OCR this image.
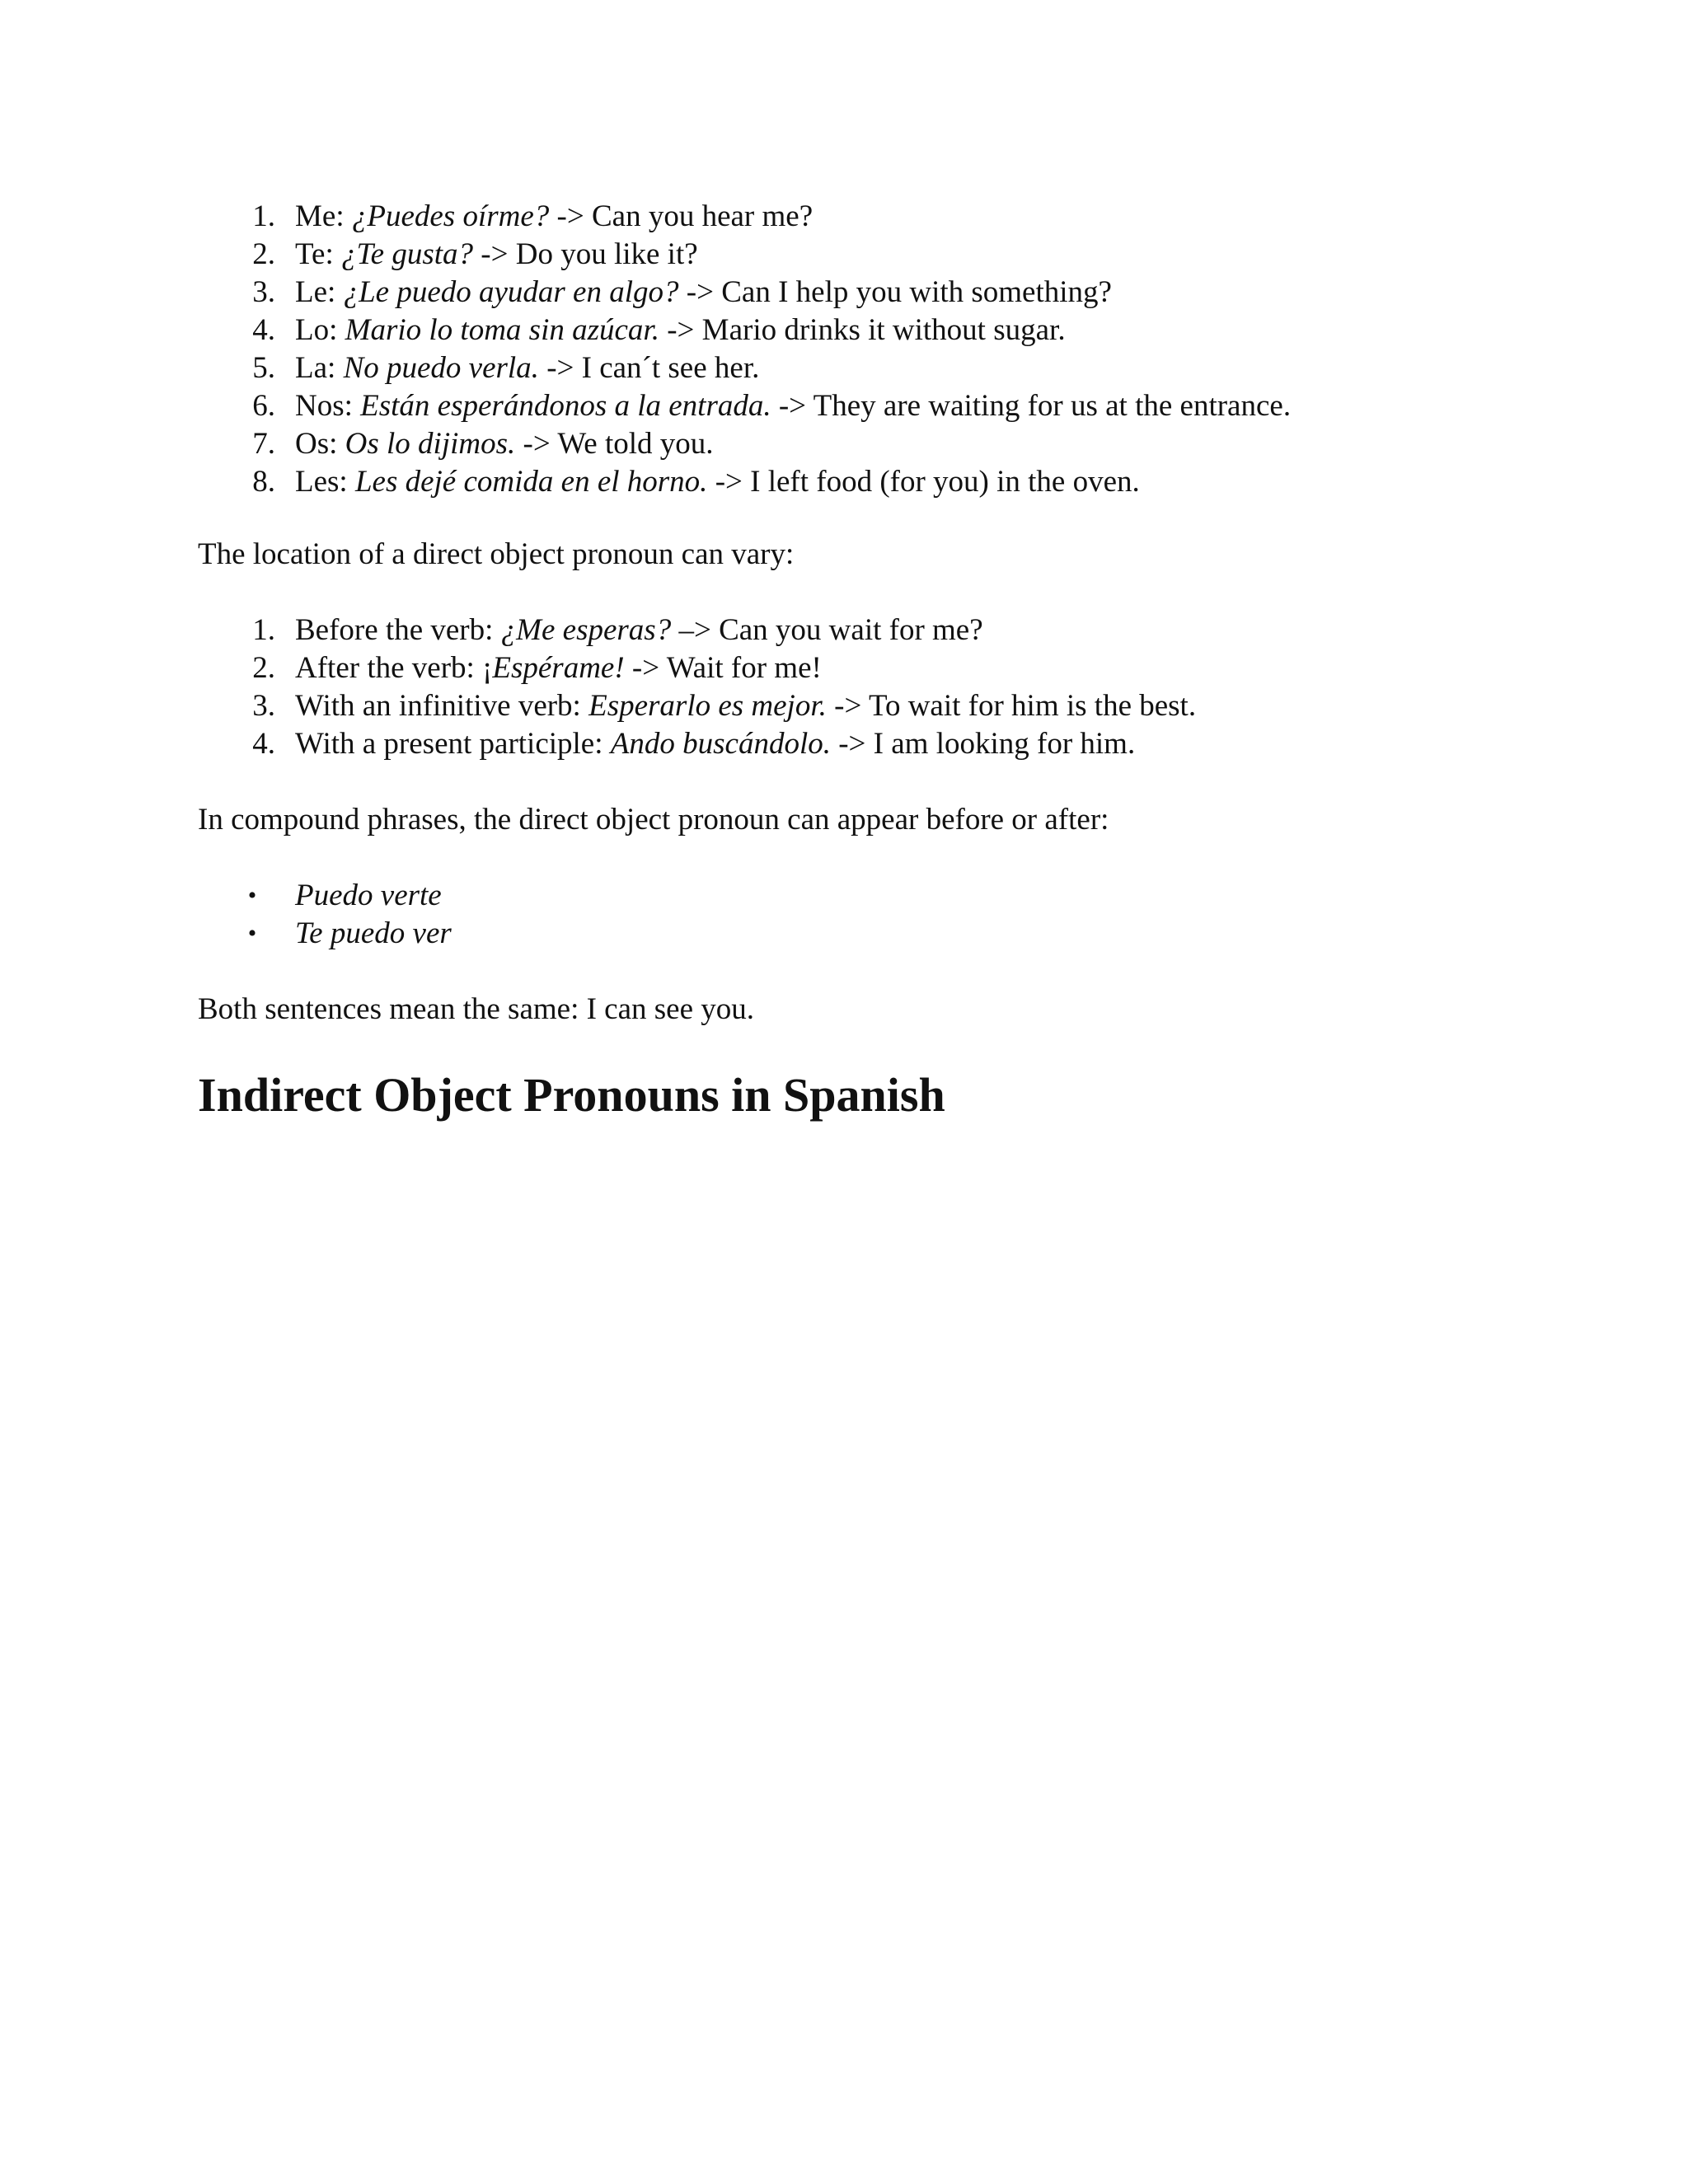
1. Me: ¿Puedes oírme? -> Can you hear me?
2. Te: ¿Te gusta? -> Do you like it?
3. Le: ¿Le puedo ayudar en algo? -> Can I help you with something?
4. Lo: Mario lo toma sin azúcar. -> Mario drinks it without sugar.
5. La: No puedo verla. -> I can´t see her.
6. Nos: Están esperándonos a la entrada. -> They are waiting for us at the entrance.
7. Os: Os lo dijimos. -> We told you.
8. Les: Les dejé comida en el horno. -> I left food (for you) in the oven.

The location of a direct object pronoun can vary:

1. Before the verb: ¿Me esperas? –> Can you wait for me?
2. After the verb: ¡Espérame! -> Wait for me!
3. With an infinitive verb: Esperarlo es mejor. -> To wait for him is the best.
4. With a present participle: Ando buscándolo. -> I am looking for him.

In compound phrases, the direct object pronoun can appear before or after:

• Puedo verte
• Te puedo ver

Both sentences mean the same: I can see you.

Indirect Object Pronouns in Spanish
